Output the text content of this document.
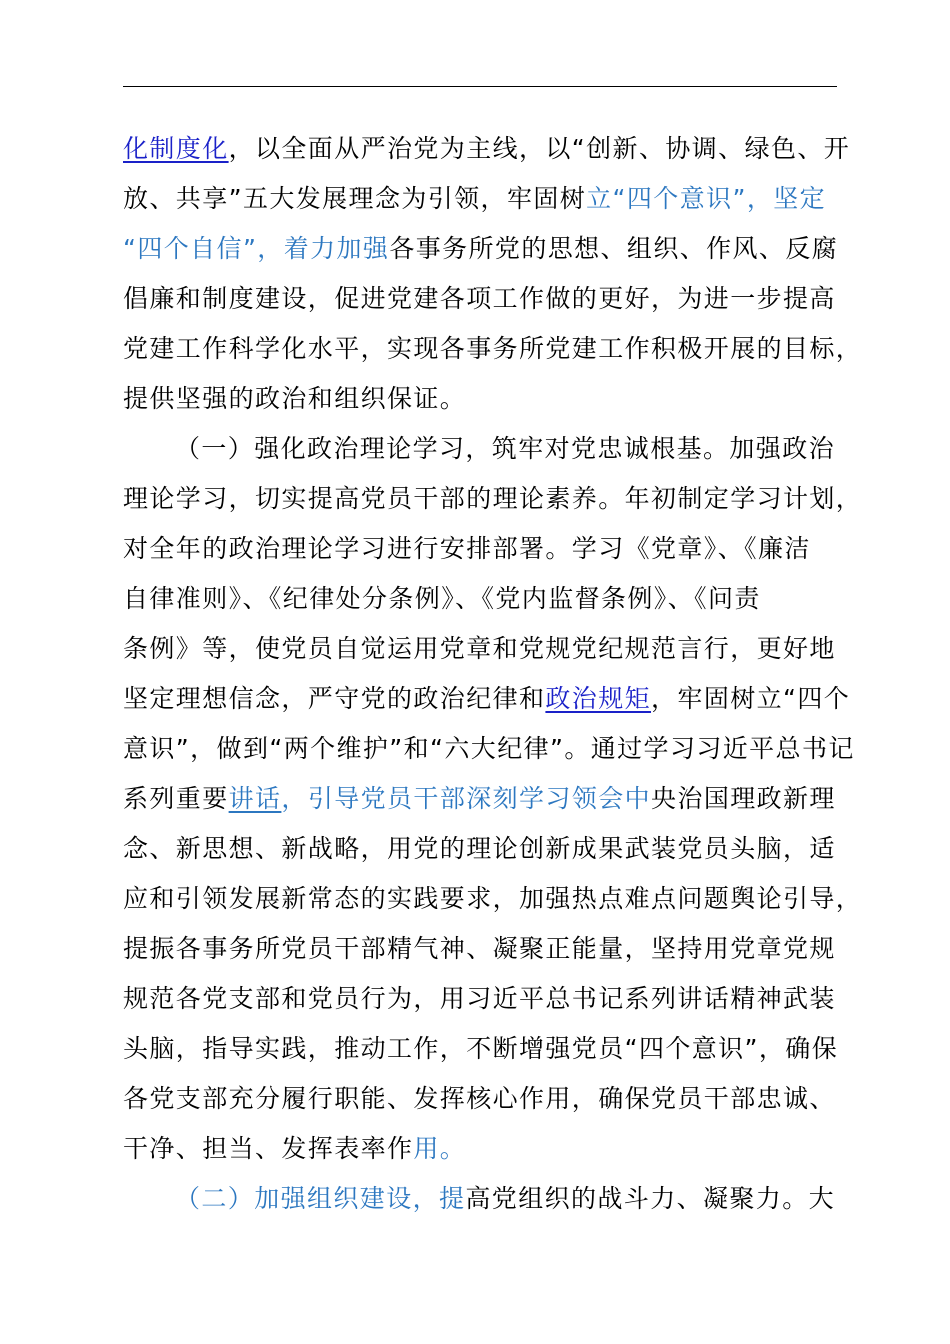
化制度化，以全面从严治党为主线，以“创新、协调、绿色、开
放、共享”五大发展理念为引领，牢固树立“四个意识”，坚定
“四个自信”，着力加强各事务所党的思想、组织、作风、反腐
倡廉和制度建设，促进党建各项工作做的更好，为进一步提高
党建工作科学化水平，实现各事务所党建工作积极开展的目标，
提供坚强的政治和组织保证。
（一）强化政治理论学习，筑牢对党忠诚根基。加强政治
理论学习，切实提高党员干部的理论素养。年初制定学习计划，
对全年的政治理论学习进行安排部署。学习《党章》、《廉洁
自律准则》、《纪律处分条例》、《党内监督条例》、《问责
条例》等，使党员自觉运用党章和党规党纪规范言行，更好地
坚定理想信念，严守党的政治纪律和政治规矩，牢固树立“四个
意识”，做到“两个维护”和“六大纪律”。通过学习习近平总书记
系列重要讲话，引导党员干部深刻学习领会中央治国理政新理
念、新思想、新战略，用党的理论创新成果武装党员头脑，适
应和引领发展新常态的实践要求，加强热点难点问题舆论引导，
提振各事务所党员干部精气神、凝聚正能量，坚持用党章党规
规范各党支部和党员行为，用习近平总书记系列讲话精神武装
头脑，指导实践，推动工作，不断增强党员“四个意识”，确保
各党支部充分履行职能、发挥核心作用，确保党员干部忠诚、
干净、担当、发挥表率作用。
（二）加强组织建设，提高党组织的战斗力、凝聚力。大
